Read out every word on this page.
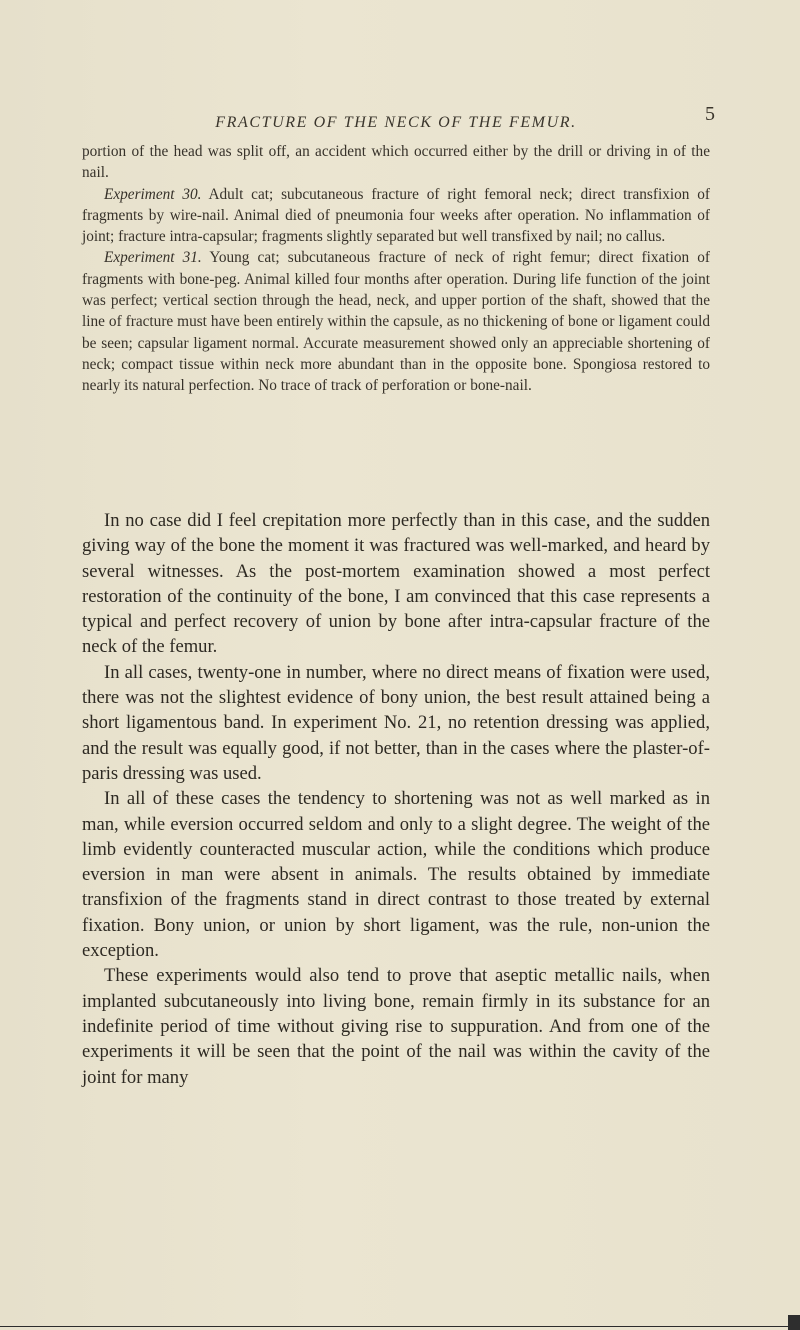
FRACTURE OF THE NECK OF THE FEMUR.	5

portion of the head was split off, an accident which occurred either by the drill or driving in of the nail.

Experiment 30. Adult cat; subcutaneous fracture of right femoral neck; direct transfixion of fragments by wire-nail. Animal died of pneumonia four weeks after operation. No inflammation of joint; fracture intra-capsular; fragments slightly separated but well transfixed by nail; no callus.

Experiment 31. Young cat; subcutaneous fracture of neck of right femur; direct fixation of fragments with bone-peg. Animal killed four months after operation. During life function of the joint was perfect; vertical section through the head, neck, and upper portion of the shaft, showed that the line of fracture must have been entirely within the capsule, as no thickening of bone or ligament could be seen; capsular ligament normal. Accurate measurement showed only an appreciable shortening of neck; compact tissue within neck more abundant than in the opposite bone. Spongiosa restored to nearly its natural perfection. No trace of track of perforation or bone-nail.

In no case did I feel crepitation more perfectly than in this case, and the sudden giving way of the bone the moment it was fractured was well-marked, and heard by several witnesses. As the post-mortem examination showed a most perfect restoration of the continuity of the bone, I am convinced that this case represents a typical and perfect recovery of union by bone after intra-capsular fracture of the neck of the femur.

In all cases, twenty-one in number, where no direct means of fixation were used, there was not the slightest evidence of bony union, the best result attained being a short ligamentous band. In experiment No. 21, no retention dressing was applied, and the result was equally good, if not better, than in the cases where the plaster-of-paris dressing was used.

In all of these cases the tendency to shortening was not as well marked as in man, while eversion occurred seldom and only to a slight degree. The weight of the limb evidently counteracted muscular action, while the conditions which produce eversion in man were absent in animals. The results obtained by immediate transfixion of the fragments stand in direct contrast to those treated by external fixation. Bony union, or union by short ligament, was the rule, non-union the exception.

These experiments would also tend to prove that aseptic metallic nails, when implanted subcutaneously into living bone, remain firmly in its substance for an indefinite period of time without giving rise to suppuration. And from one of the experiments it will be seen that the point of the nail was within the cavity of the joint for many
